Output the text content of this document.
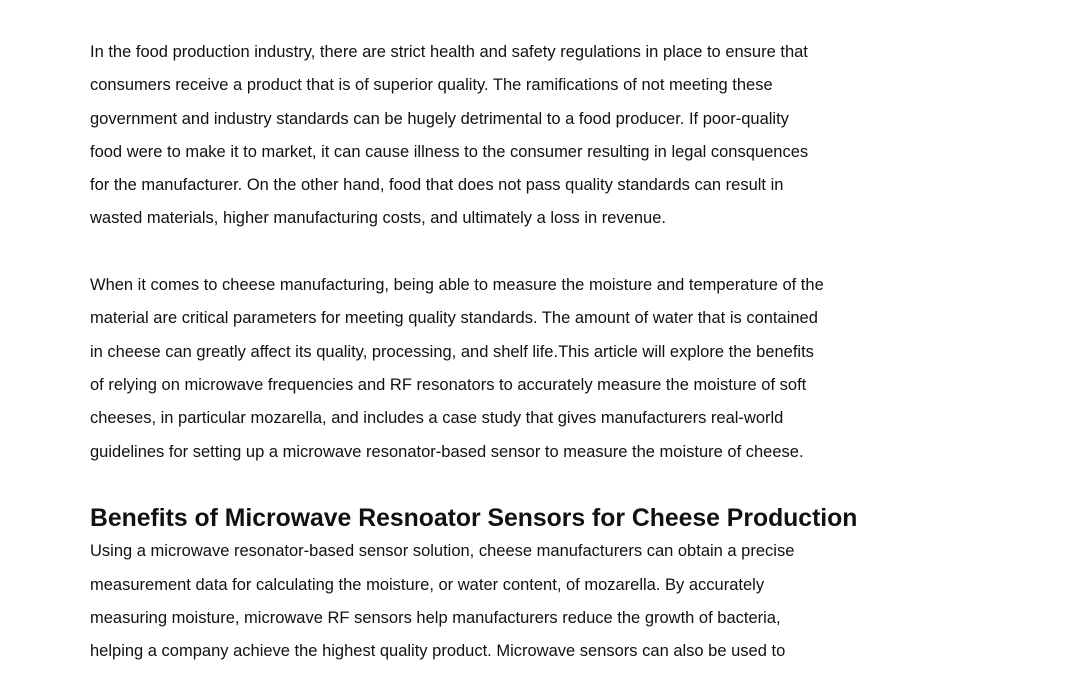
In the food production industry, there are strict health and safety regulations in place to ensure that
consumers receive a product that is of superior quality. The ramifications of not meeting these
government and industry standards can be hugely detrimental to a food producer. If poor-quality
food were to make it to market, it can cause illness to the consumer resulting in legal consquences
for the manufacturer. On the other hand, food that does not pass quality standards can result in
wasted materials, higher manufacturing costs, and ultimately a loss in revenue.

When it comes to cheese manufacturing, being able to measure the moisture and temperature of the
material are critical parameters for meeting quality standards. The amount of water that is contained
in cheese can greatly affect its quality, processing, and shelf life.This article will explore the benefits
of relying on microwave frequencies and RF resonators to accurately measure the moisture of soft
cheeses, in particular mozarella, and includes a case study that gives manufacturers real-world
guidelines for setting up a microwave resonator-based sensor to measure the moisture of cheese.

Benefits of Microwave Resnoator Sensors for Cheese Production

Using a microwave resonator-based sensor solution, cheese manufacturers can obtain a precise
measurement data for calculating the moisture, or water content, of mozarella. By accurately
measuring moisture, microwave RF sensors help manufacturers reduce the growth of bacteria,
helping a company achieve the highest quality product. Microwave sensors can also be used to
